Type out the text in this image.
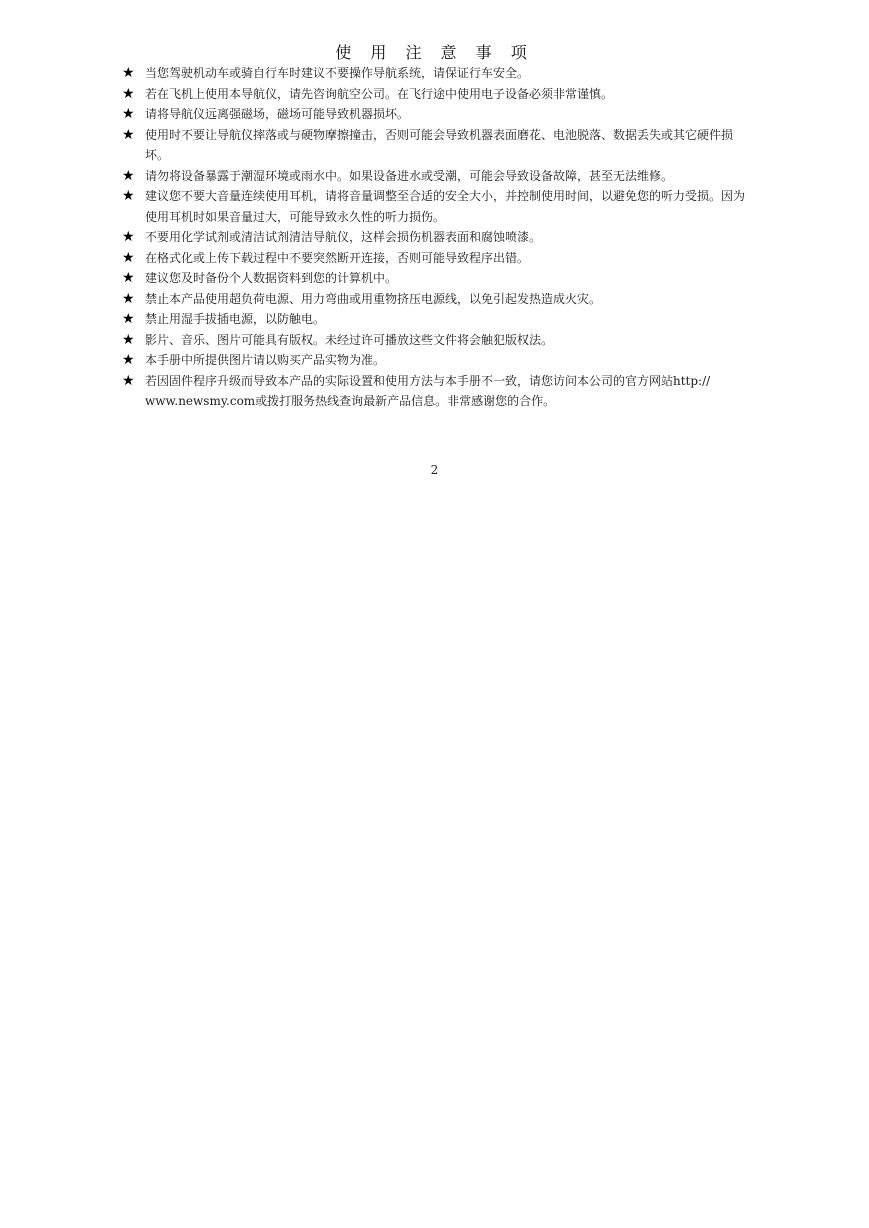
使 用 注 意 事 项
★ 当您驾驶机动车或骑自行车时建议不要操作导航系统，请保证行车安全。
★ 若在飞机上使用本导航仪，请先咨询航空公司。在飞行途中使用电子设备必须非常谨慎。
★ 请将导航仪远离强磁场，磁场可能导致机器损坏。
★ 使用时不要让导航仪摔落或与硬物摩擦撞击，否则可能会导致机器表面磨花、电池脱落、数据丢失或其它硬件损坏。
★ 请勿将设备暴露于潮湿环境或雨水中。如果设备进水或受潮，可能会导致设备故障，甚至无法维修。
★ 建议您不要大音量连续使用耳机，请将音量调整至合适的安全大小，并控制使用时间，以避免您的听力受损。因为使用耳机时如果音量过大，可能导致永久性的听力损伤。
★ 不要用化学试剂或清洁试剂清洁导航仪，这样会损伤机器表面和腐蚀喷漆。
★ 在格式化或上传下载过程中不要突然断开连接，否则可能导致程序出错。
★ 建议您及时备份个人数据资料到您的计算机中。
★ 禁止本产品使用超负荷电源、用力弯曲或用重物挤压电源线，以免引起发热造成火灾。
★ 禁止用湿手拔插电源，以防触电。
★ 影片、音乐、图片可能具有版权。未经过许可播放这些文件将会触犯版权法。
★ 本手册中所提供图片请以购买产品实物为准。
★ 若因固件程序升级而导致本产品的实际设置和使用方法与本手册不一致，请您访问本公司的官方网站http:// www.newsmy.com或拨打服务热线查询最新产品信息。非常感谢您的合作。
2
